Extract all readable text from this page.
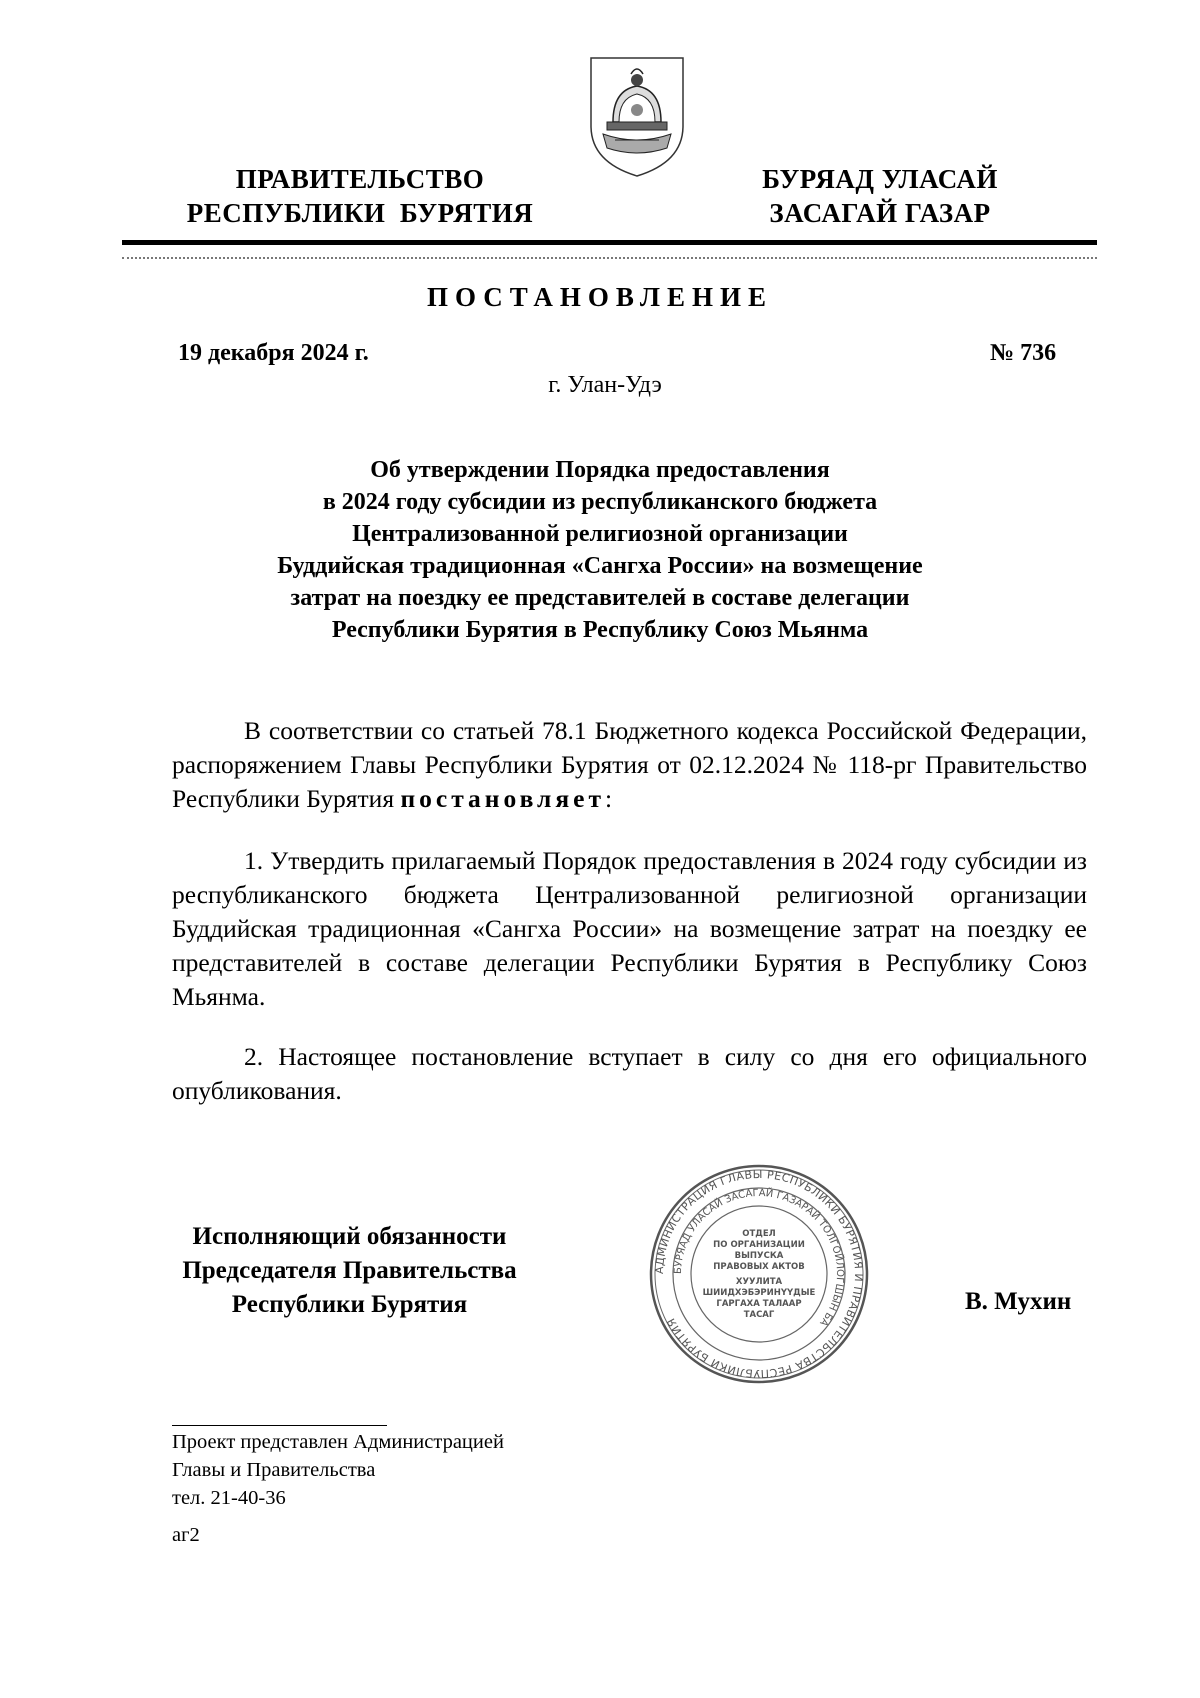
ПРАВИТЕЛЬСТВО
РЕСПУБЛИКИ  БУРЯТИЯ
БУРЯАД УЛАСАЙ
ЗАСАГАЙ ГАЗАР
ПОСТАНОВЛЕНИЕ
19 декабря 2024 г.	№ 736
г. Улан-Удэ
Об утверждении Порядка предоставления
в 2024 году субсидии из республиканского бюджета
Централизованной религиозной организации
Буддийская традиционная «Сангха России» на возмещение
затрат на поездку ее представителей в составе делегации
Республики Бурятия в Республику Союз Мьянма
В соответствии со статьей 78.1 Бюджетного кодекса Российской Федерации, распоряжением Главы Республики Бурятия от 02.12.2024 № 118-рг Правительство Республики Бурятия постановляет:
1. Утвердить прилагаемый Порядок предоставления в 2024 году субсидии из республиканского бюджета Централизованной религиозной организации Буддийская традиционная «Сангха России» на возмещение затрат на поездку ее представителей в составе делегации Республики Бурятия в Республику Союз Мьянма.
2. Настоящее постановление вступает в силу со дня его официального опубликования.
Исполняющий обязанности
Председателя Правительства
Республики Бурятия
АДМИНИСТРАЦИЯ ГЛАВЫ РЕСПУБЛИКИ БУРЯТИЯ И ПРАВИТЕЛЬСТВА РЕСПУБЛИКИ БУРЯТИЯ
БУРЯАД УЛАСАЙ ЗАСАГАЙ ГАЗАРАЙ ТОЛГОЙЛОГШЫН БА
ОТДЕЛ
ПО ОРГАНИЗАЦИИ
ВЫПУСКА
ПРАВОВЫХ АКТОВ
ХУУЛИТА
ШИИДХЭБЭРИНҮҮДЫЕ
ГАРГАХА ТАЛААР
ТАСАГ	В. Мухин
Проект представлен Администрацией
Главы и Правительства
тел. 21-40-36
аг2
